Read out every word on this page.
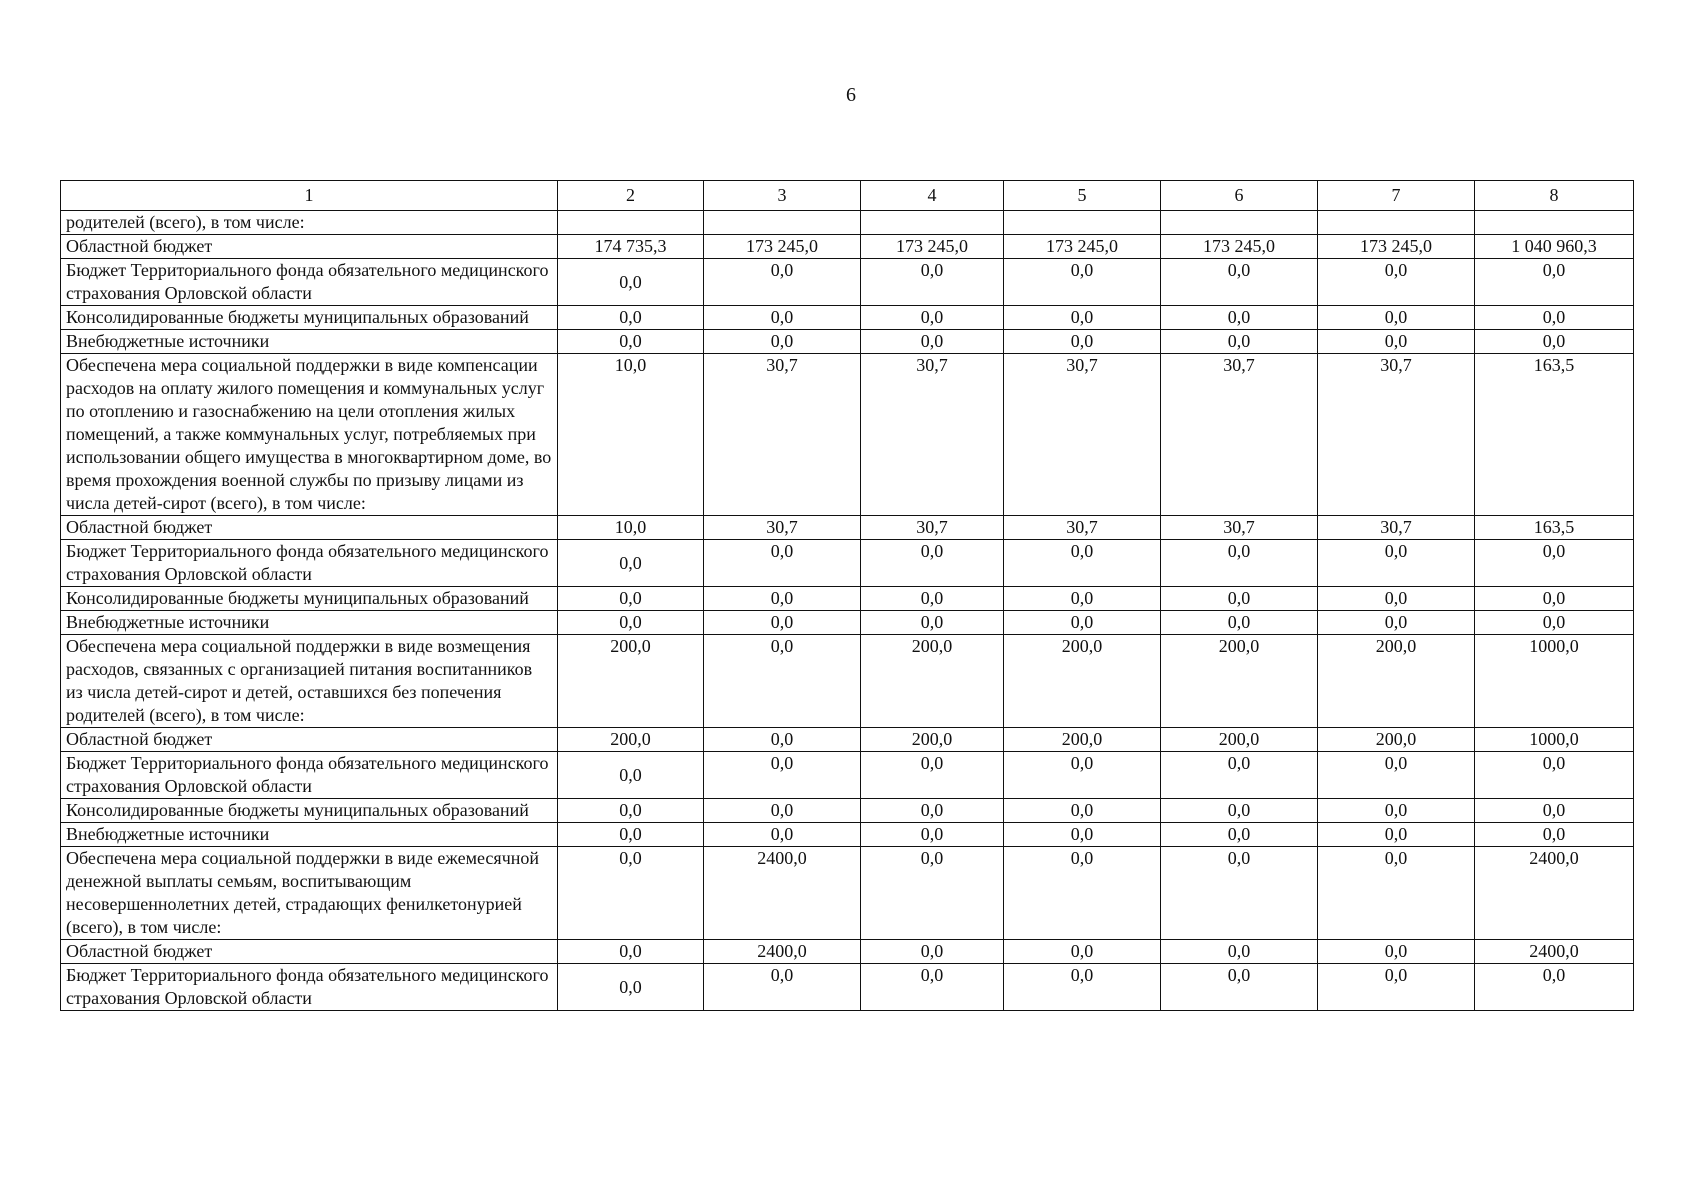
6
1	2	3	4	5	6	7	8
родителей (всего), в том числе:							
Областной бюджет	174 735,3	173 245,0	173 245,0	173 245,0	173 245,0	173 245,0	1 040 960,3
Бюджет Территориального фонда обязательного медицинского страхования Орловской области	0,0	0,0	0,0	0,0	0,0	0,0	0,0
Консолидированные бюджеты муниципальных образований	0,0	0,0	0,0	0,0	0,0	0,0	0,0
Внебюджетные источники	0,0	0,0	0,0	0,0	0,0	0,0	0,0
Обеспечена мера социальной поддержки в виде компенсации расходов на оплату жилого помещения и коммунальных услуг по отоплению и газоснабжению на цели отопления жилых помещений, а также коммунальных услуг, потребляемых при использовании общего имущества в многоквартирном доме, во время прохождения военной службы по призыву лицами из числа детей-сирот (всего), в том числе:	10,0	30,7	30,7	30,7	30,7	30,7	163,5
Областной бюджет	10,0	30,7	30,7	30,7	30,7	30,7	163,5
Бюджет Территориального фонда обязательного медицинского страхования Орловской области	0,0	0,0	0,0	0,0	0,0	0,0	0,0
Консолидированные бюджеты муниципальных образований	0,0	0,0	0,0	0,0	0,0	0,0	0,0
Внебюджетные источники	0,0	0,0	0,0	0,0	0,0	0,0	0,0
Обеспечена мера социальной поддержки в виде возмещения расходов, связанных с организацией питания воспитанников из числа детей-сирот и детей, оставшихся без попечения родителей (всего), в том числе:	200,0	0,0	200,0	200,0	200,0	200,0	1000,0
Областной бюджет	200,0	0,0	200,0	200,0	200,0	200,0	1000,0
Бюджет Территориального фонда обязательного медицинского страхования Орловской области	0,0	0,0	0,0	0,0	0,0	0,0	0,0
Консолидированные бюджеты муниципальных образований	0,0	0,0	0,0	0,0	0,0	0,0	0,0
Внебюджетные источники	0,0	0,0	0,0	0,0	0,0	0,0	0,0
Обеспечена мера социальной поддержки в виде ежемесячной денежной выплаты семьям, воспитывающим несовершеннолетних детей, страдающих фенилкетонурией (всего), в том числе:	0,0	2400,0	0,0	0,0	0,0	0,0	2400,0
Областной бюджет	0,0	2400,0	0,0	0,0	0,0	0,0	2400,0
Бюджет Территориального фонда обязательного медицинского страхования Орловской области	0,0	0,0	0,0	0,0	0,0	0,0	0,0
